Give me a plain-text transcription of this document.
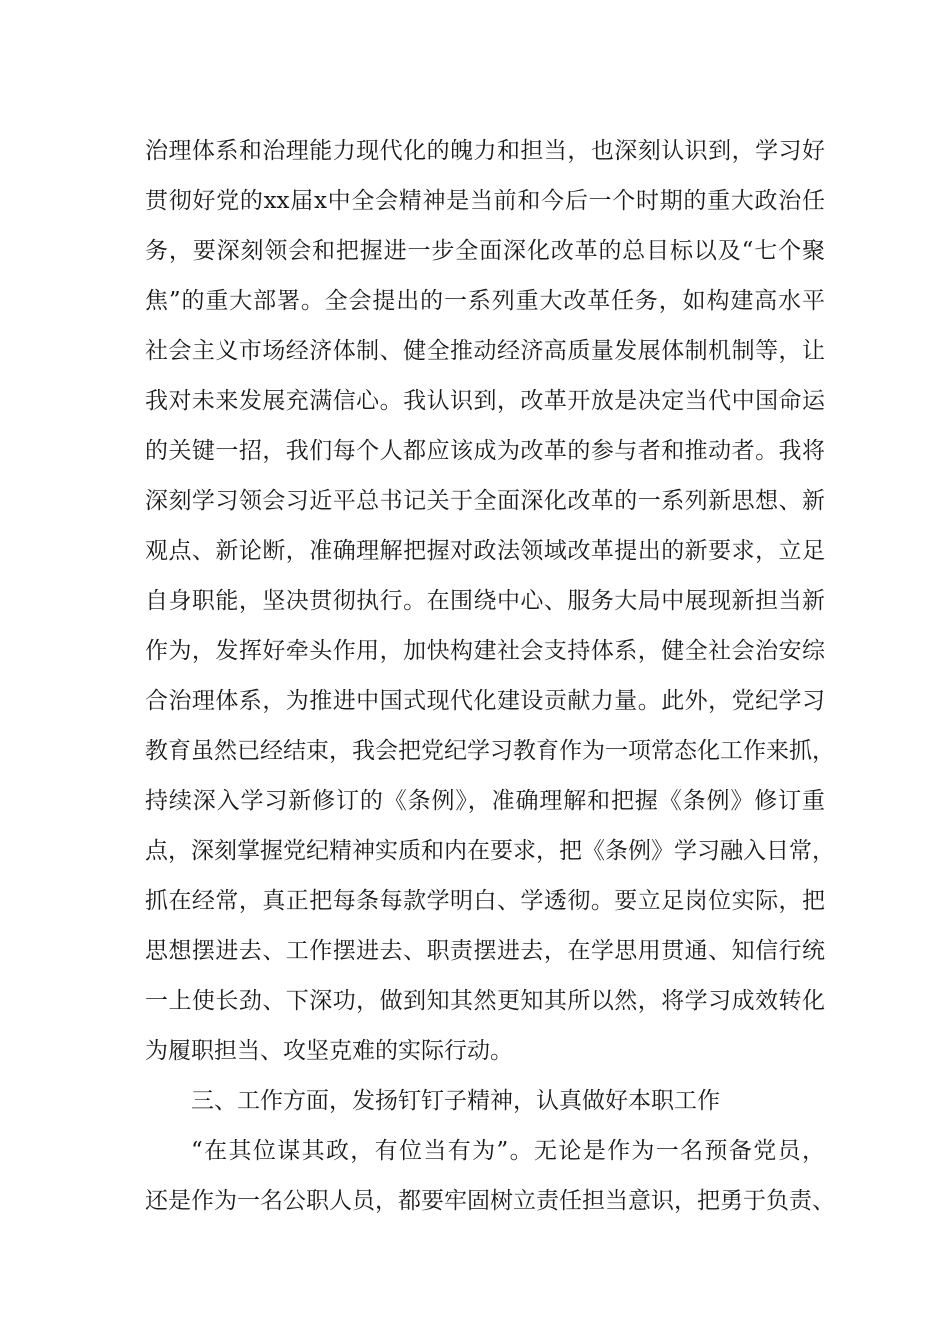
治理体系和治理能力现代化的魄力和担当，也深刻认识到，学习好
贯彻好党的xx届x中全会精神是当前和今后一个时期的重大政治任
务，要深刻领会和把握进一步全面深化改革的总目标以及“七个聚
焦”的重大部署。全会提出的一系列重大改革任务，如构建高水平
社会主义市场经济体制、健全推动经济高质量发展体制机制等，让
我对未来发展充满信心。我认识到，改革开放是决定当代中国命运
的关键一招，我们每个人都应该成为改革的参与者和推动者。我将
深刻学习领会习近平总书记关于全面深化改革的一系列新思想、新
观点、新论断，准确理解把握对政法领域改革提出的新要求，立足
自身职能，坚决贯彻执行。在围绕中心、服务大局中展现新担当新
作为，发挥好牵头作用，加快构建社会支持体系，健全社会治安综
合治理体系，为推进中国式现代化建设贡献力量。此外，党纪学习
教育虽然已经结束，我会把党纪学习教育作为一项常态化工作来抓，
持续深入学习新修订的《条例》，准确理解和把握《条例》修订重
点，深刻掌握党纪精神实质和内在要求，把《条例》学习融入日常，
抓在经常，真正把每条每款学明白、学透彻。要立足岗位实际，把
思想摆进去、工作摆进去、职责摆进去，在学思用贯通、知信行统
一上使长劲、下深功，做到知其然更知其所以然，将学习成效转化
为履职担当、攻坚克难的实际行动。
三、工作方面，发扬钉钉子精神，认真做好本职工作
“在其位谋其政，有位当有为”。无论是作为一名预备党员，
还是作为一名公职人员，都要牢固树立责任担当意识，把勇于负责、
